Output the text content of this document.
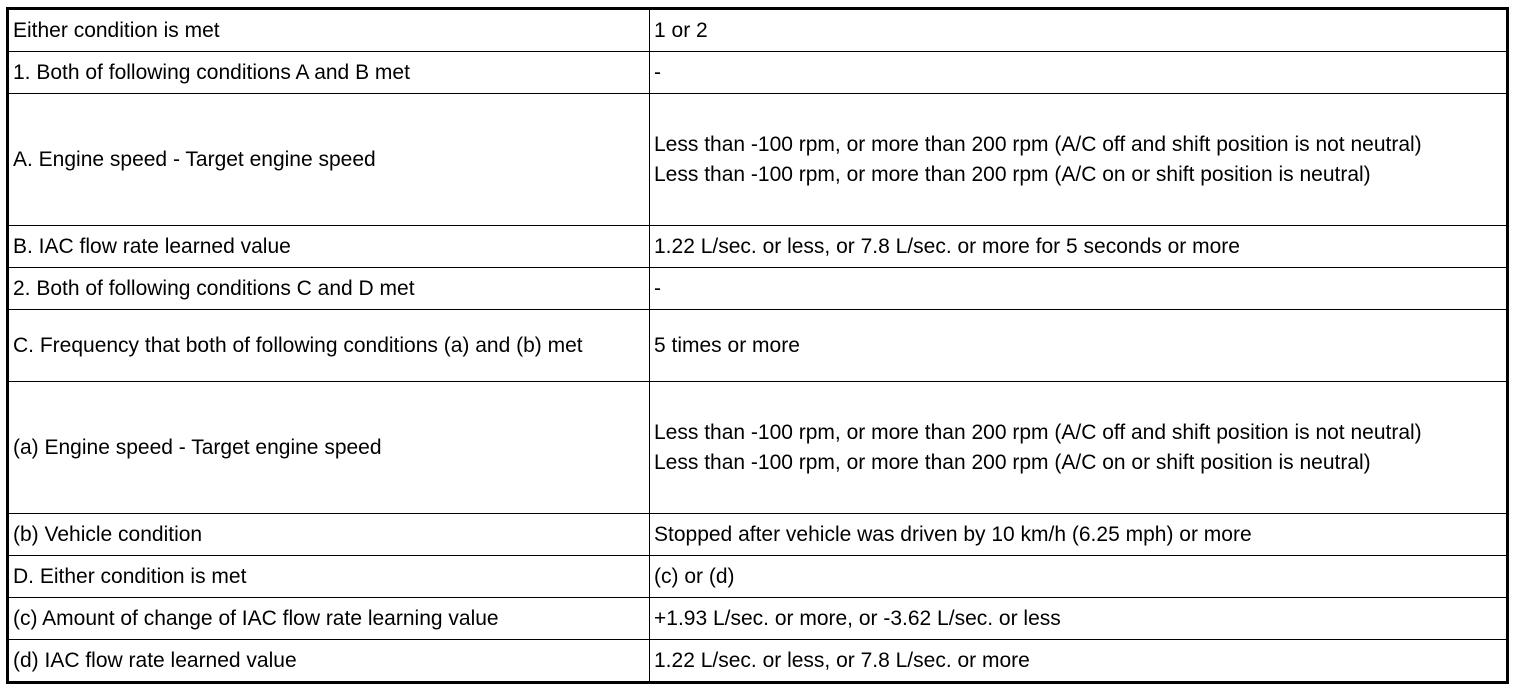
Either condition is met	1 or 2

1. Both of following conditions A and B met	-

A. Engine speed - Target engine speed	Less than -100 rpm, or more than 200 rpm (A/C off and shift position is not neutral)
Less than -100 rpm, or more than 200 rpm (A/C on or shift position is neutral)

B. IAC flow rate learned value	1.22 L/sec. or less, or 7.8 L/sec. or more for 5 seconds or more

2. Both of following conditions C and D met	-

C. Frequency that both of following conditions (a) and (b) met	5 times or more

(a) Engine speed - Target engine speed	Less than -100 rpm, or more than 200 rpm (A/C off and shift position is not neutral)
Less than -100 rpm, or more than 200 rpm (A/C on or shift position is neutral)

(b) Vehicle condition	Stopped after vehicle was driven by 10 km/h (6.25 mph) or more

D. Either condition is met	(c) or (d)

(c) Amount of change of IAC flow rate learning value	+1.93 L/sec. or more, or -3.62 L/sec. or less

(d) IAC flow rate learned value	1.22 L/sec. or less, or 7.8 L/sec. or more
